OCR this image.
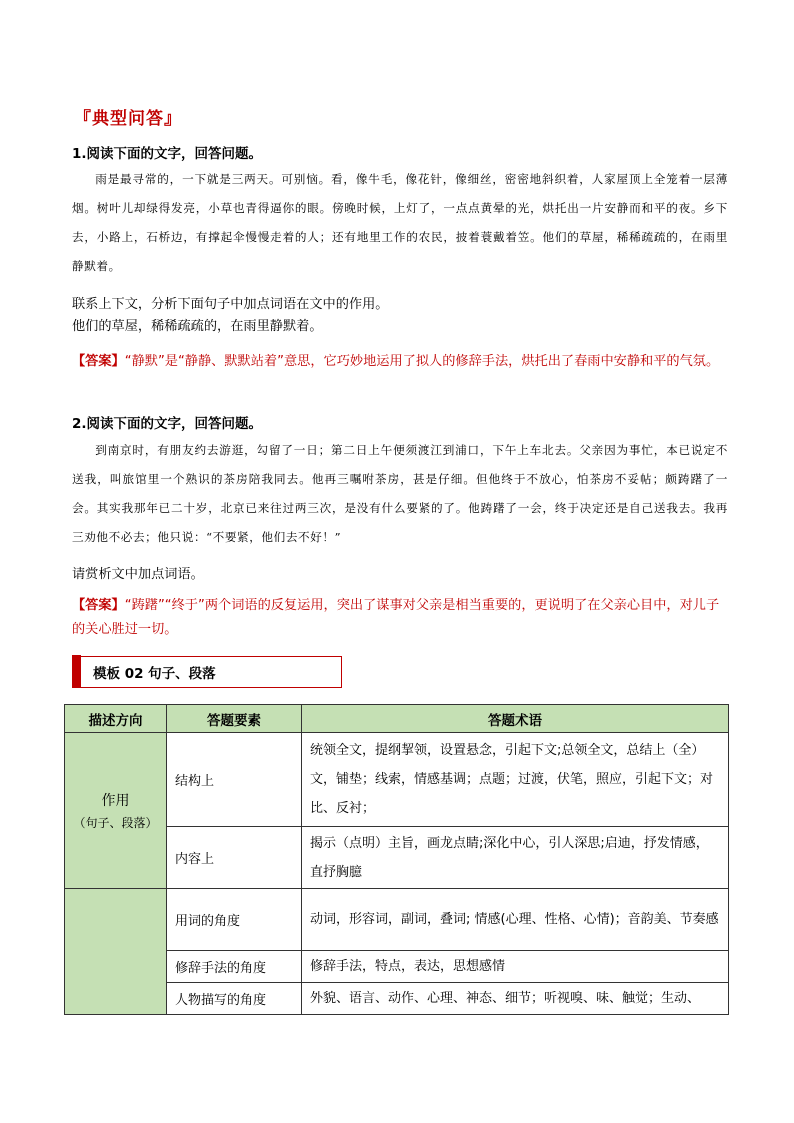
『典型问答』
1.阅读下面的文字，回答问题。
雨是最寻常的，一下就是三两天。可别恼。看，像牛毛，像花针，像细丝，密密地斜织着，人家屋顶上全笼着一层薄烟。树叶儿却绿得发亮，小草也青得逼你的眼。傍晚时候，上灯了，一点点黄晕的光，烘托出一片安静而和平的夜。乡下去，小路上，石桥边，有撑起伞慢慢走着的人；还有地里工作的农民，披着蓑戴着笠。他们的草屋，稀稀疏疏的，在雨里静默着。
联系上下文，分析下面句子中加点词语在文中的作用。
他们的草屋，稀稀疏疏的，在雨里静默着。
【答案】“静默”是“静静、默默站着”意思，它巧妙地运用了拟人的修辞手法，烘托出了春雨中安静和平的气氛。
2.阅读下面的文字，回答问题。
到南京时，有朋友约去游逛，勾留了一日；第二日上午便须渡江到浦口，下午上车北去。父亲因为事忙，本已说定不送我，叫旅馆里一个熟识的茶房陪我同去。他再三嘱咐茶房，甚是仔细。但他终于不放心，怕茶房不妥帖；颇踌躇了一会。其实我那年已二十岁，北京已来往过两三次，是没有什么要紧的了。他踌躇了一会，终于决定还是自己送我去。我再三劝他不必去；他只说：“不要紧，他们去不好！”
请赏析文中加点词语。
【答案】“踌躇”“终于”两个词语的反复运用，突出了谋事对父亲是相当重要的，更说明了在父亲心目中，对儿子的关心胜过一切。
模板 02 句子、段落
描述方向	答题要素	答题术语

作用
（句子、段落）	结构上	统领全文，提纲挈领，设置悬念，引起下文;总领全文，总结上（全）文，铺垫；线索，情感基调；点题；过渡，伏笔，照应，引起下文；对比、反衬；
	内容上	揭示（点明）主旨，画龙点睛;深化中心，引人深思;启迪，抒发情感，直抒胸臆
	用词的角度	动词，形容词，副词，叠词; 情感(心理、性格、心情)；音韵美、节奏感
	修辞手法的角度	修辞手法，特点，表达，思想感情
	人物描写的角度	外貌、语言、动作、心理、神态、细节；听视嗅、味、触觉；生动、
